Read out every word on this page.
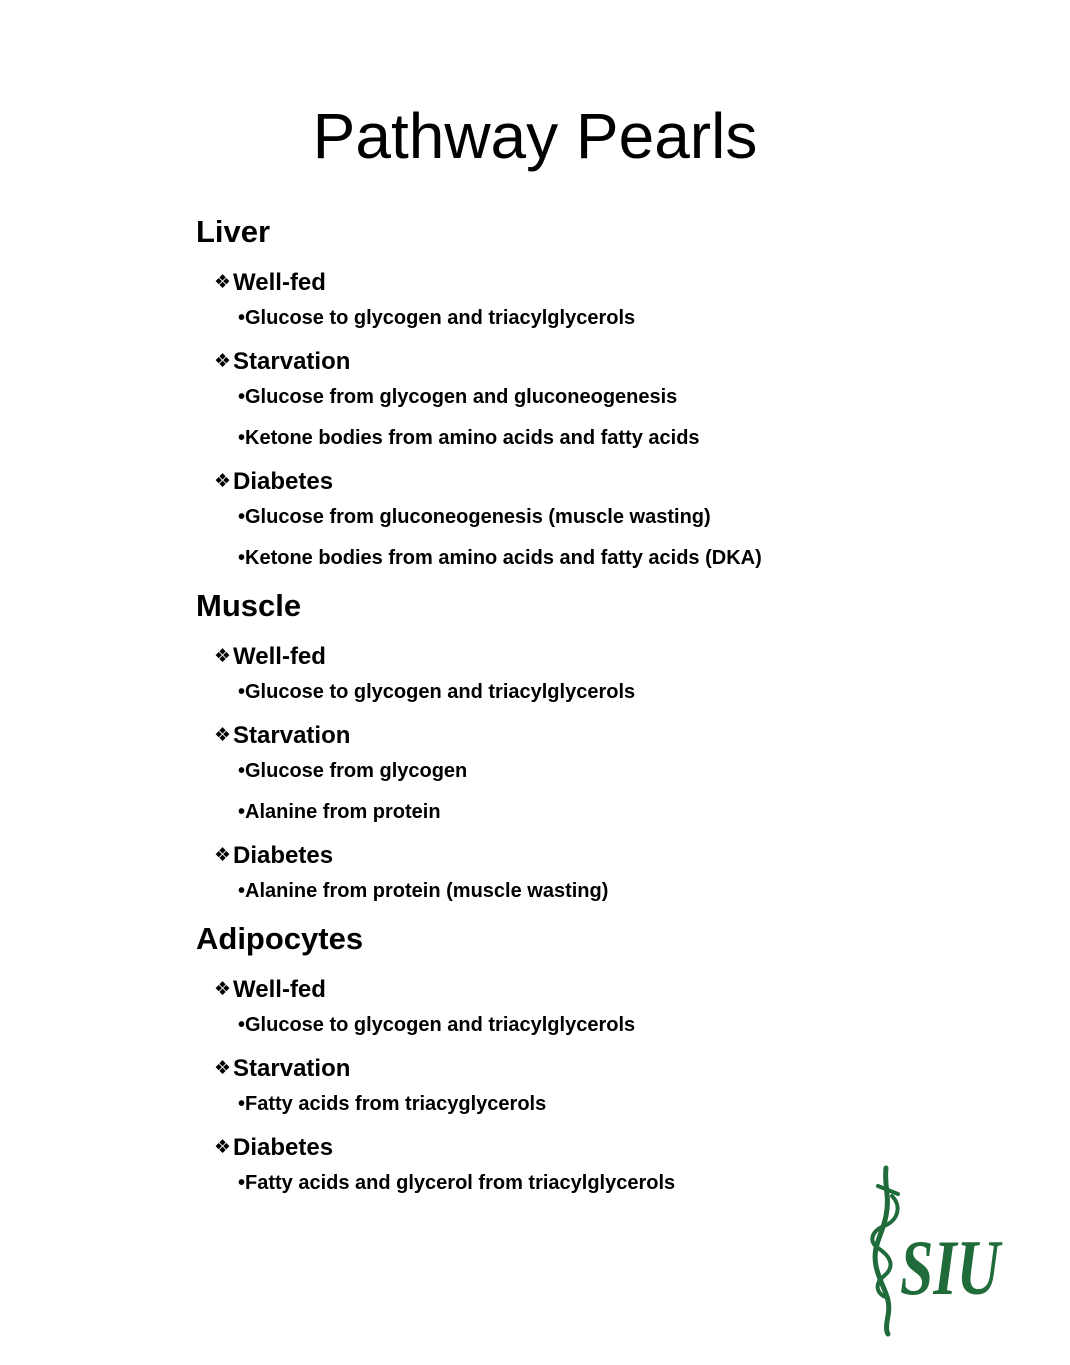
Pathway Pearls
Liver
❖ Well-fed
•Glucose to glycogen and triacylglycerols
❖ Starvation
•Glucose from glycogen and gluconeogenesis
•Ketone bodies from amino acids and fatty acids
❖ Diabetes
•Glucose from gluconeogenesis (muscle wasting)
•Ketone bodies from amino acids and fatty acids (DKA)
Muscle
❖ Well-fed
•Glucose to glycogen and triacylglycerols
❖ Starvation
•Glucose from glycogen
•Alanine from protein
❖ Diabetes
•Alanine from protein (muscle wasting)
Adipocytes
❖ Well-fed
•Glucose to glycogen and triacylglycerols
❖ Starvation
•Fatty acids from triacyglycerols
❖ Diabetes
•Fatty acids and glycerol from triacylglycerols
SIU
